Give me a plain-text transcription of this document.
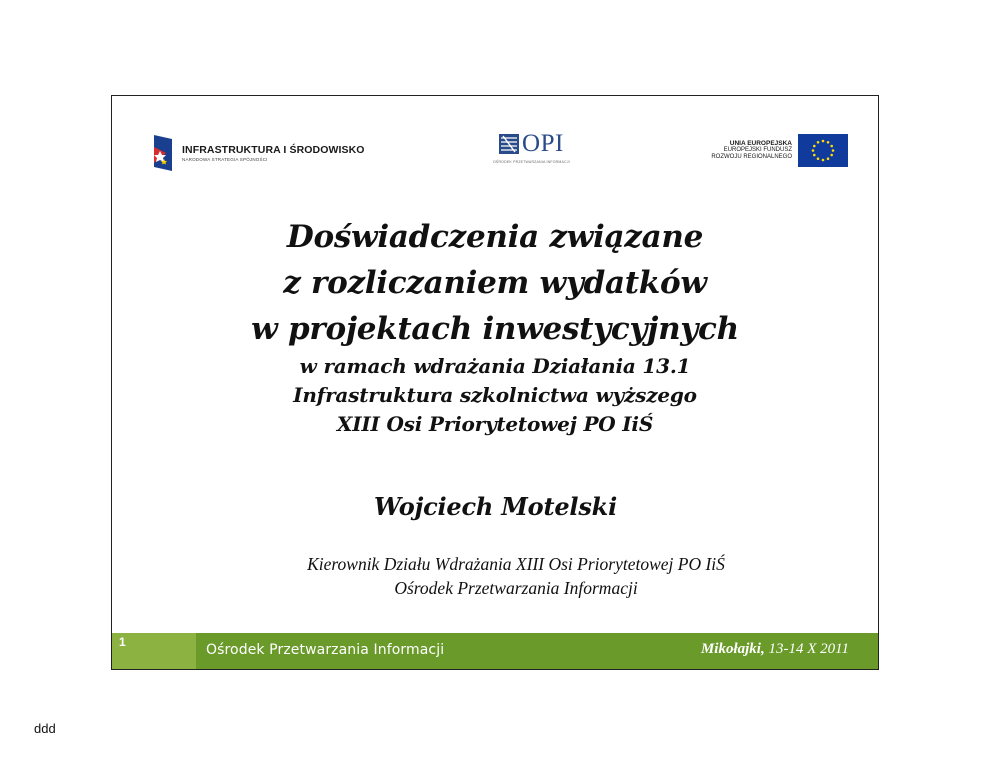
INFRASTRUKTURA I ŚRODOWISKO
NARODOWA STRATEGIA SPÓJNOŚCI
OPI
OŚRODEK PRZETWARZANIA INFORMACJI
UNIA EUROPEJSKA
EUROPEJSKI FUNDUSZ
ROZWOJU REGIONALNEGO
Doświadczenia związane
z rozliczaniem wydatków
w projektach inwestycyjnych
w ramach wdrażania Działania 13.1
Infrastruktura szkolnictwa wyższego
XIII Osi Priorytetowej PO IiŚ
Wojciech Motelski
Kierownik Działu Wdrażania XIII Osi Priorytetowej PO IiŚ
Ośrodek Przetwarzania Informacji
1	Ośrodek Przetwarzania Informacji	Mikołajki, 13-14 X 2011
ddd
